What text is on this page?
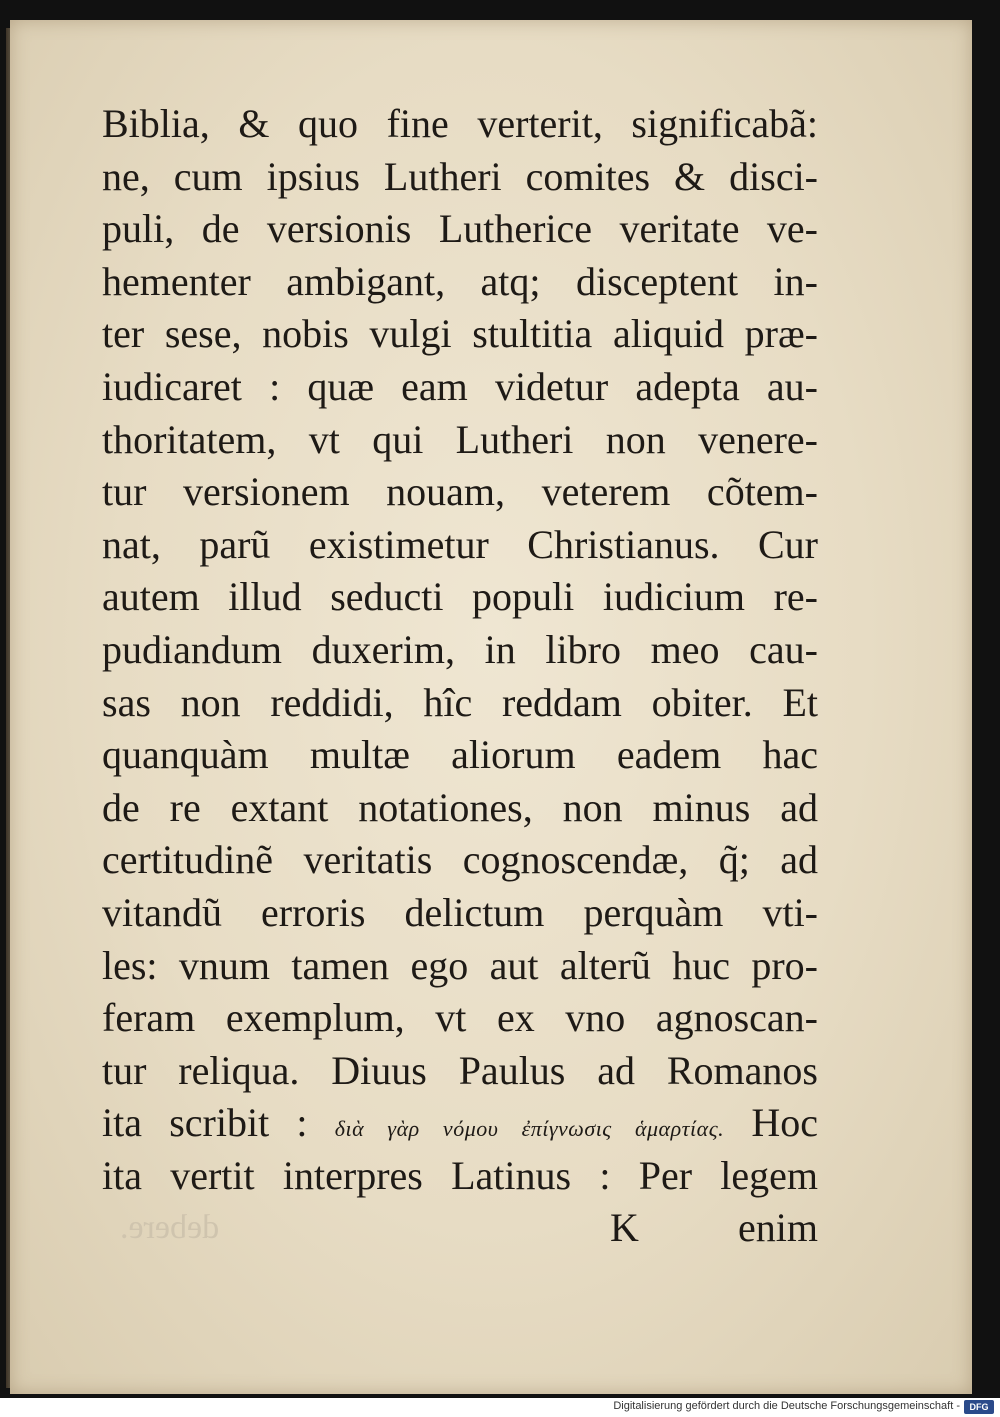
Biblia, & quo fine verterit, significabã:
ne, cum ipsius Lutheri comites & disci-
puli, de versionis Lutherice veritate ve-
hementer ambigant, atq; disceptent in-
ter sese, nobis vulgi stultitia aliquid præ-
iudicaret : quæ eam videtur adepta au-
thoritatem, vt qui Lutheri non venere-
tur versionem nouam, veterem cõtem-
nat, parũ existimetur Christianus. Cur
autem illud seducti populi iudicium re-
pudiandum duxerim, in libro meo cau-
sas non reddidi, hîc reddam obiter. Et
quanquàm multæ aliorum eadem hac
de re extant notationes, non minus ad
certitudinẽ veritatis cognoscendæ, q̃; ad
vitandũ erroris delictum perquàm vti-
les: vnum tamen ego aut alterũ huc pro-
feram exemplum, vt ex vno agnoscan-
tur reliqua. Diuus Paulus ad Romanos
ita scribit : διὰ γὰρ νόμου ἐπίγνωσις ἁμαρτίας. Hoc
ita vertit interpres Latinus : Per legem
debere.	K enim
Digitalisierung gefördert durch die Deutsche Forschungsgemeinschaft -	DFG
